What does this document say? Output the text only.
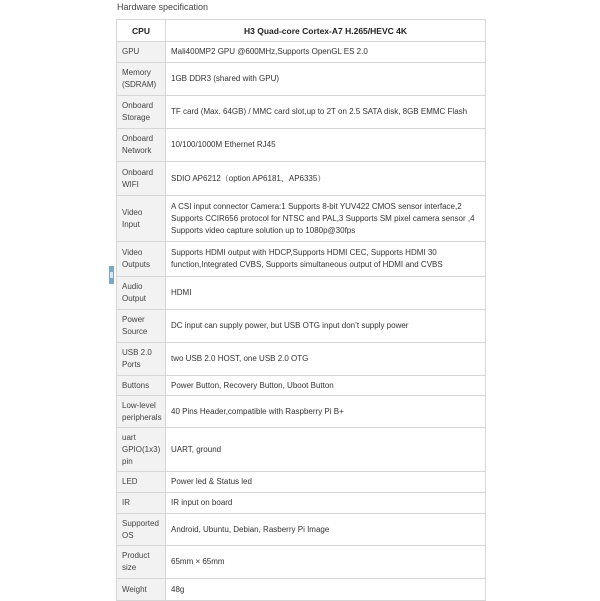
Hardware specification
CPU	H3 Quad-core Cortex-A7 H.265/HEVC 4K
GPU	Mali400MP2 GPU @600MHz,Supports OpenGL ES 2.0
Memory (SDRAM)	1GB DDR3 (shared with GPU)
Onboard Storage	TF card (Max. 64GB) / MMC card slot,up to 2T on 2.5 SATA disk, 8GB EMMC Flash
Onboard Network	10/100/1000M Ethernet RJ45
Onboard WIFI	SDIO AP6212（option AP6181、AP6335）
Video Input	A CSI input connector Camera:1 Supports 8-bit YUV422 CMOS sensor interface,2 Supports CCIR656 protocol for NTSC and PAL,3 Supports SM pixel camera sensor ,4 Supports video capture solution up to 1080p@30fps
Video Outputs	Supports HDMI output with HDCP,Supports HDMI CEC, Supports HDMI 30 function,Integrated CVBS, Supports simultaneous output of HDMI and CVBS
Audio Output	HDMI
Power Source	DC input can supply power, but USB OTG input don’t supply power
USB 2.0 Ports	two USB 2.0 HOST, one USB 2.0 OTG
Buttons	Power Button, Recovery Button, Uboot Button
Low-level peripherals	40 Pins Header,compatible with Raspberry Pi B+
uart GPIO(1x3) pin	UART, ground
LED	Power led & Status led
IR	IR input on board
Supported OS	Android, Ubuntu, Debian, Rasberry Pi Image
Product size	65mm × 65mm
Weight	48g
